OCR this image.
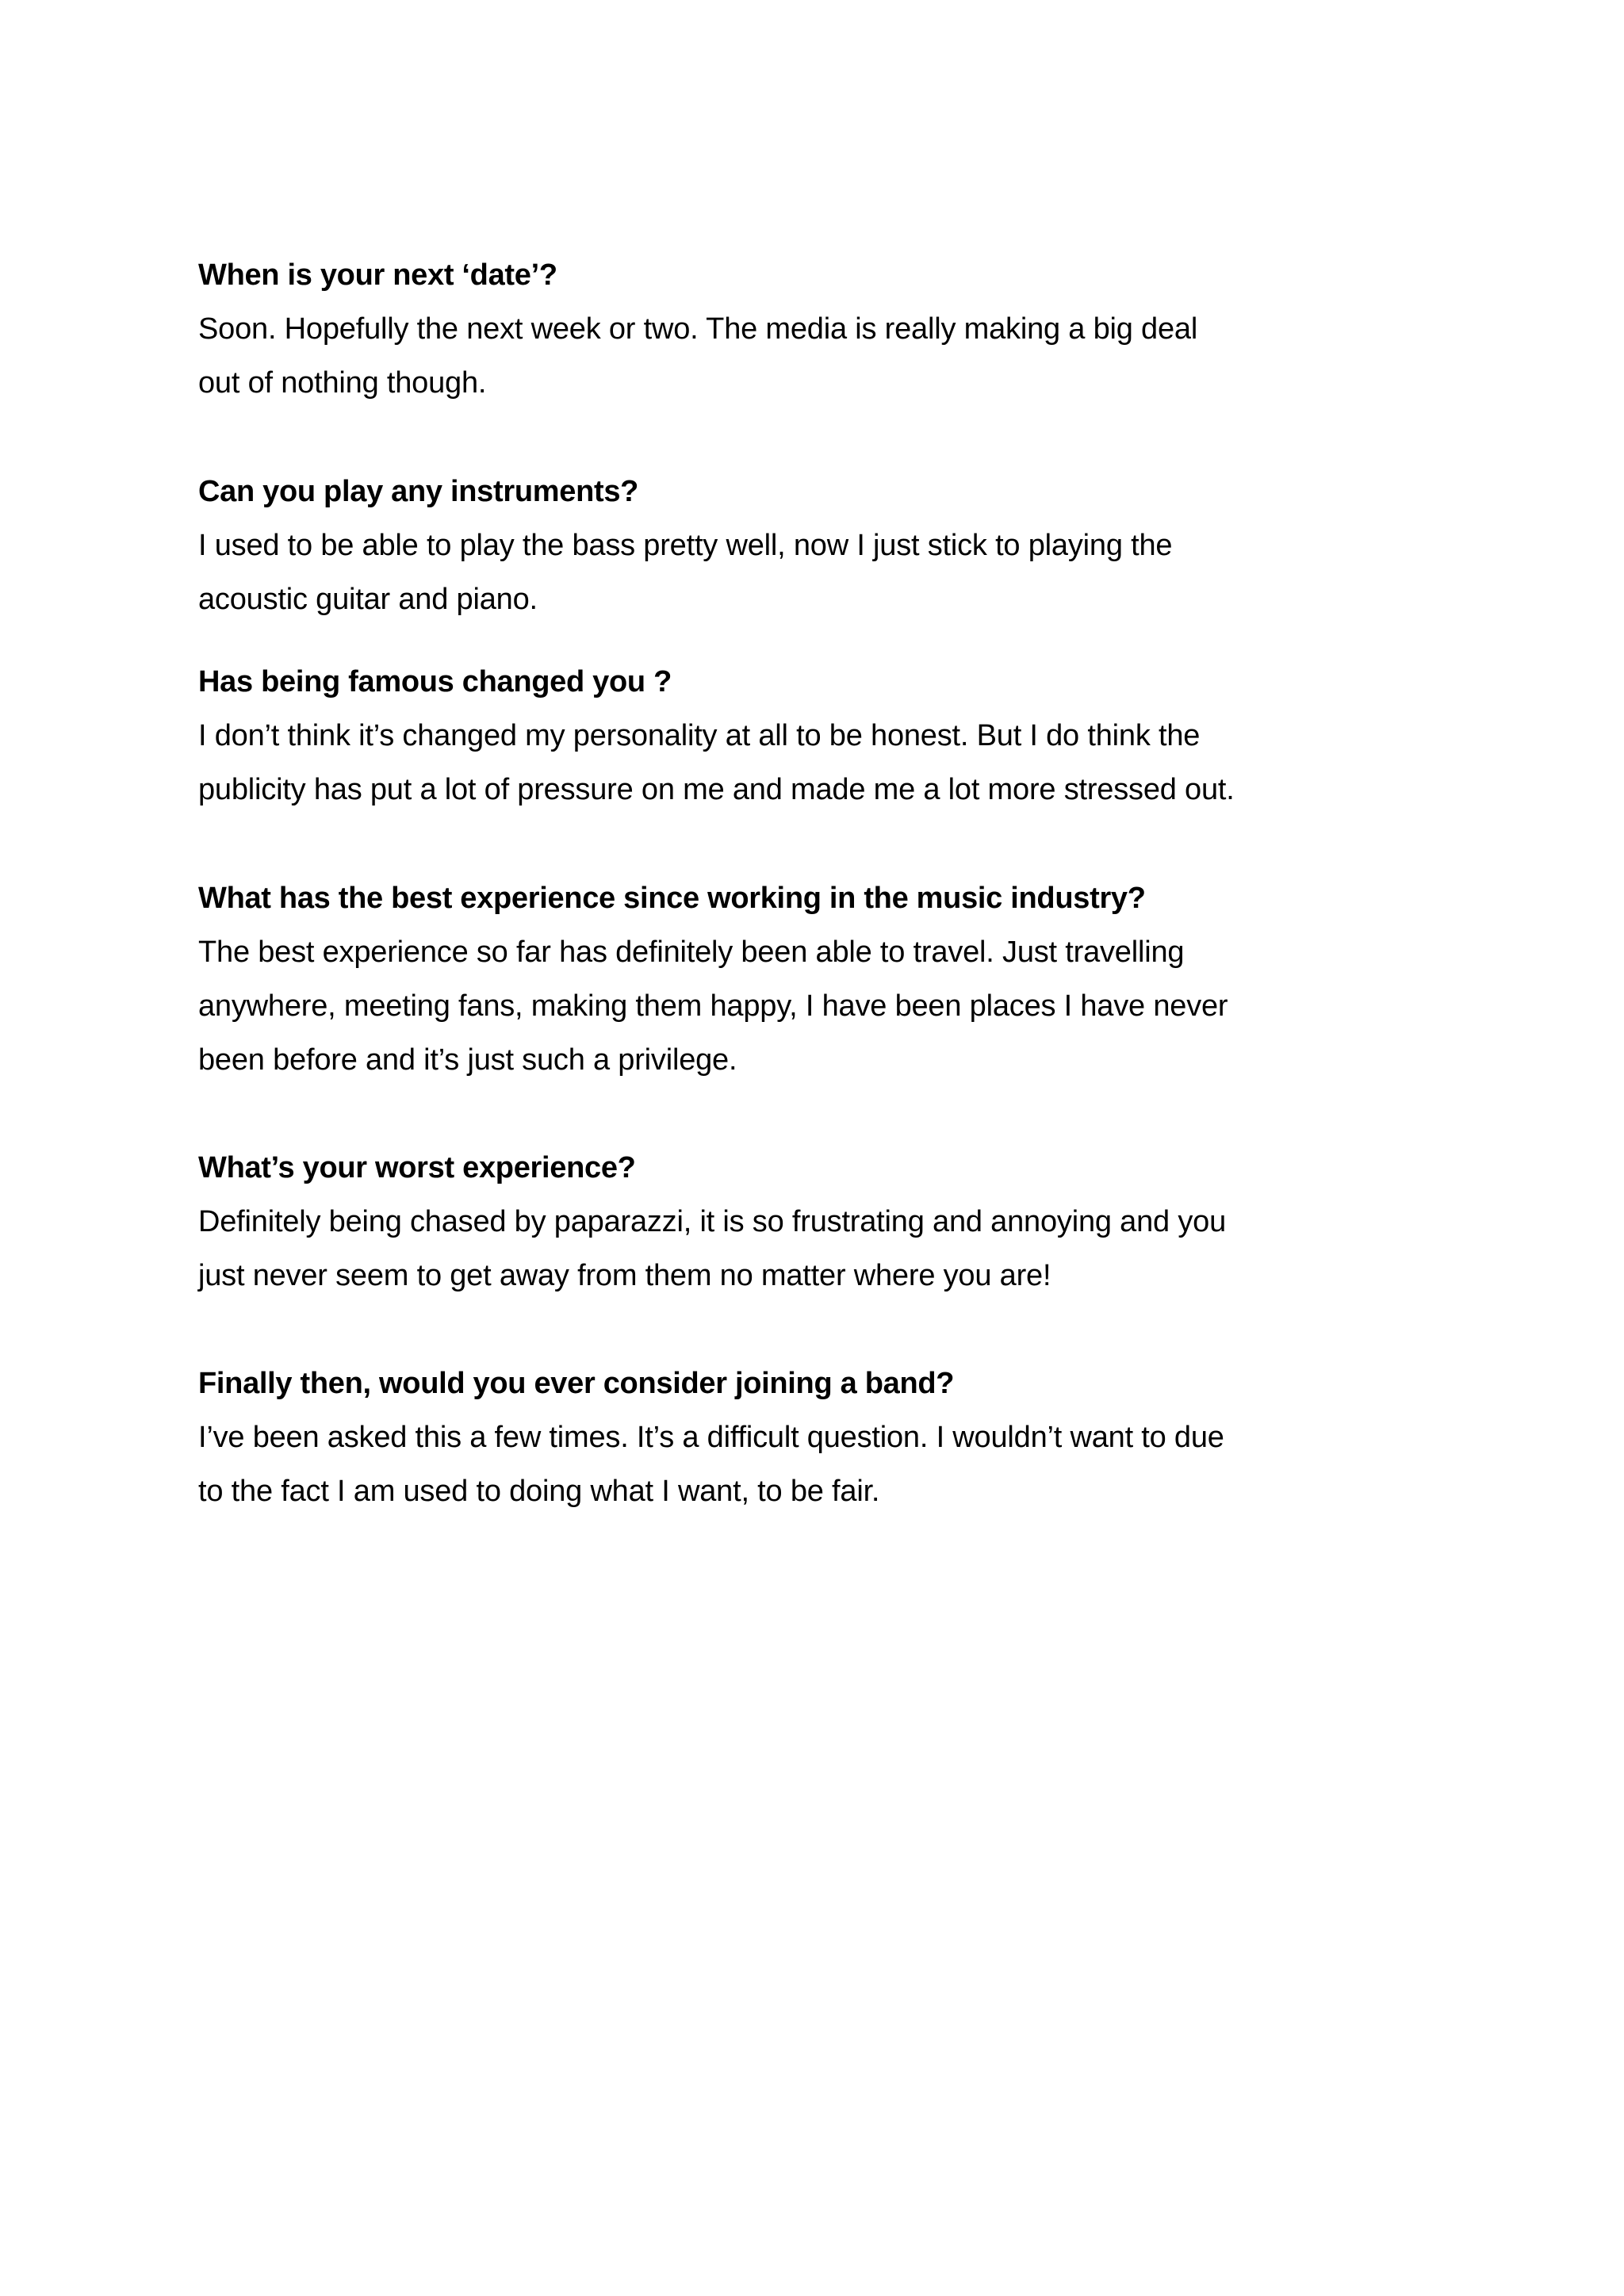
When is your next ‘date’?

Soon. Hopefully the next week or two. The media is really making a big deal
out of nothing though.

Can you play any instruments?

I used to be able to play the bass pretty well, now I just stick to playing the
acoustic guitar and piano.

Has being famous changed you ?

I don’t think it’s changed my personality at all to be honest. But I do think the
publicity has put a lot of pressure on me and made me a lot more stressed out.

What has the best experience since working in the music industry?

The best experience so far has definitely been able to travel. Just travelling
anywhere, meeting fans, making them happy, I have been places I have never
been before and it’s just such a privilege.

What’s your worst experience?

Definitely being chased by paparazzi, it is so frustrating and annoying and you
just never seem to get away from them no matter where you are!

Finally then, would you ever consider joining a band?

I’ve been asked this a few times. It’s a difficult question. I wouldn’t want to due
to the fact I am used to doing what I want, to be fair.
